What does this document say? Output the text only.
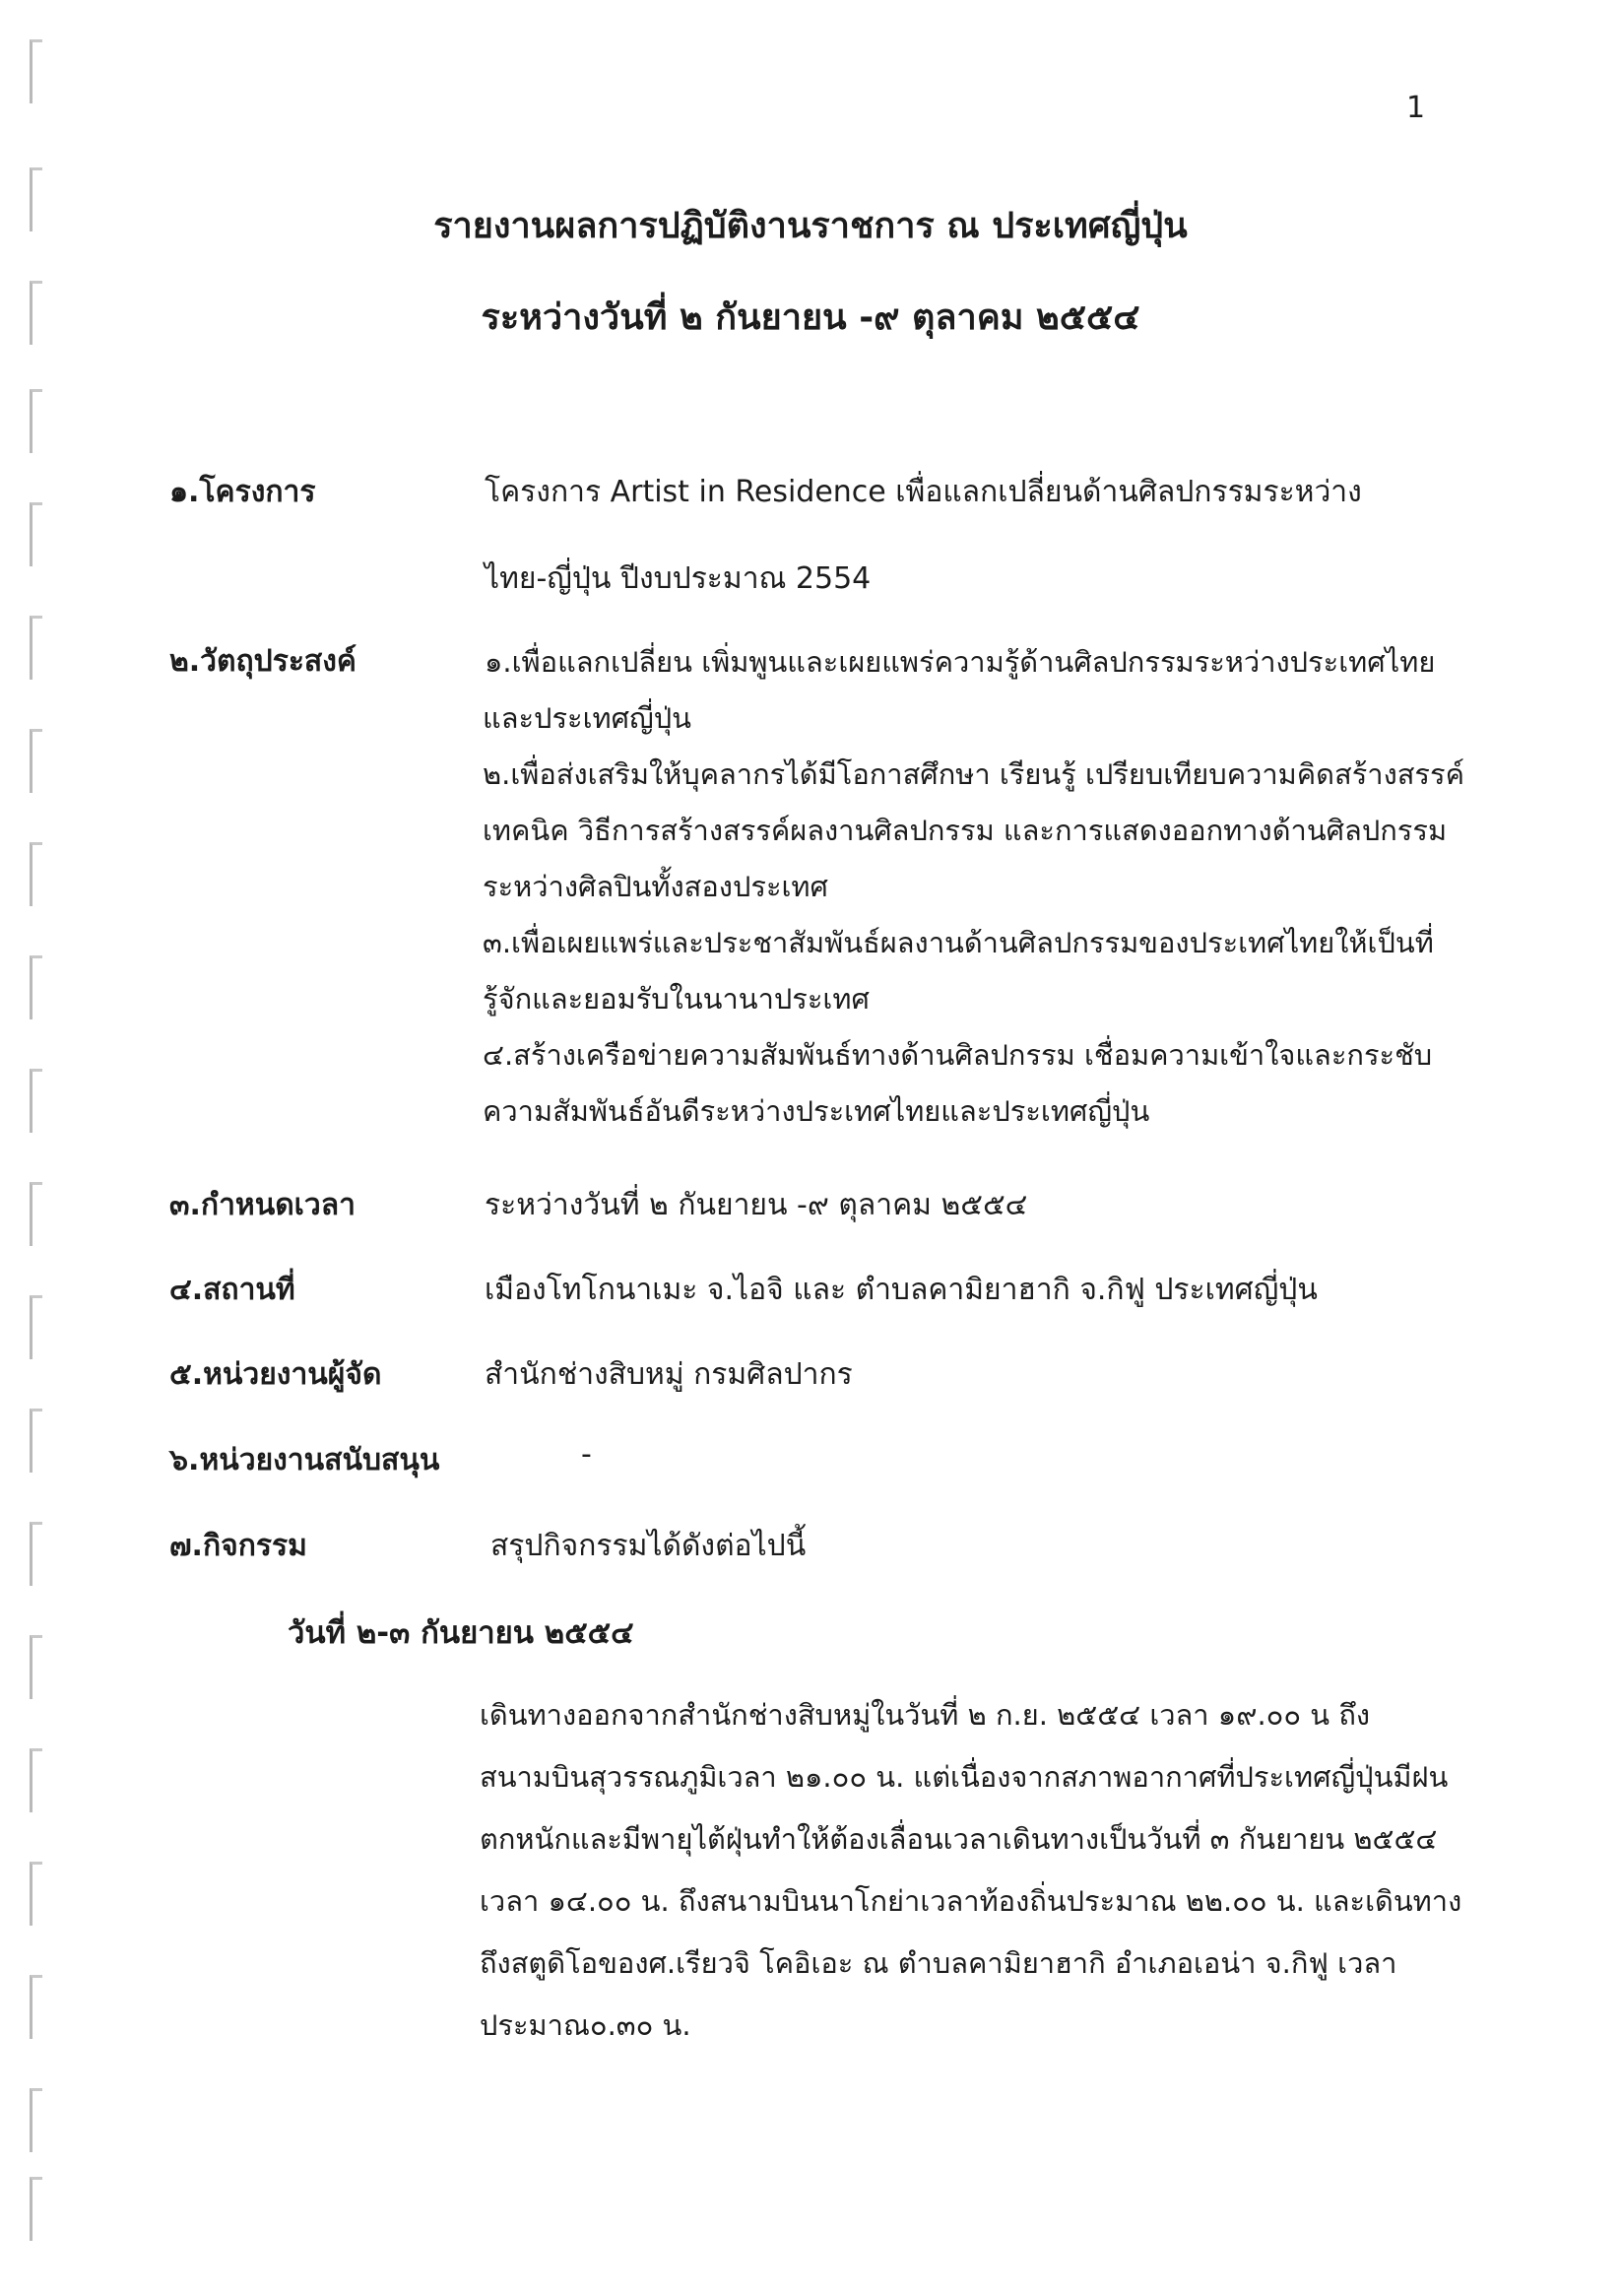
1
รายงานผลการปฏิบัติงานราชการ ณ ประเทศญี่ปุ่น
ระหว่างวันที่ ๒ กันยายน -๙ ตุลาคม ๒๕๕๔
๑.โครงการ	โครงการ Artist in Residence เพื่อแลกเปลี่ยนด้านศิลปกรรมระหว่าง
ไทย-ญี่ปุ่น ปีงบประมาณ 2554
๒.วัตถุประสงค์	๑.เพื่อแลกเปลี่ยน เพิ่มพูนและเผยแพร่ความรู้ด้านศิลปกรรมระหว่างประเทศไทย
และประเทศญี่ปุ่น
๒.เพื่อส่งเสริมให้บุคลากรได้มีโอกาสศึกษา เรียนรู้ เปรียบเทียบความคิดสร้างสรรค์
เทคนิค วิธีการสร้างสรรค์ผลงานศิลปกรรม และการแสดงออกทางด้านศิลปกรรม
ระหว่างศิลปินทั้งสองประเทศ
๓.เพื่อเผยแพร่และประชาสัมพันธ์ผลงานด้านศิลปกรรมของประเทศไทยให้เป็นที่
รู้จักและยอมรับในนานาประเทศ
๔.สร้างเครือข่ายความสัมพันธ์ทางด้านศิลปกรรม เชื่อมความเข้าใจและกระชับ
ความสัมพันธ์อันดีระหว่างประเทศไทยและประเทศญี่ปุ่น
๓.กำหนดเวลา	ระหว่างวันที่ ๒ กันยายน -๙ ตุลาคม ๒๕๕๔
๔.สถานที่	เมืองโทโกนาเมะ จ.ไอจิ และ ตำบลคามิยาฮากิ จ.กิฟู ประเทศญี่ปุ่น
๕.หน่วยงานผู้จัด	สำนักช่างสิบหมู่ กรมศิลปากร
๖.หน่วยงานสนับสนุน	-
๗.กิจกรรม	สรุปกิจกรรมได้ดังต่อไปนี้
วันที่ ๒-๓ กันยายน ๒๕๕๔
เดินทางออกจากสำนักช่างสิบหมู่ในวันที่ ๒ ก.ย. ๒๕๕๔ เวลา ๑๙.๐๐ น ถึง
สนามบินสุวรรณภูมิเวลา ๒๑.๐๐ น. แต่เนื่องจากสภาพอากาศที่ประเทศญี่ปุ่นมีฝน
ตกหนักและมีพายุไต้ฝุ่นทำให้ต้องเลื่อนเวลาเดินทางเป็นวันที่ ๓ กันยายน ๒๕๕๔
เวลา ๑๔.๐๐ น. ถึงสนามบินนาโกย่าเวลาท้องถิ่นประมาณ ๒๒.๐๐ น. และเดินทาง
ถึงสตูดิโอของศ.เรียวจิ โคอิเอะ ณ ตำบลคามิยาฮากิ อำเภอเอน่า จ.กิฟู เวลา
ประมาณ๐.๓๐ น.
